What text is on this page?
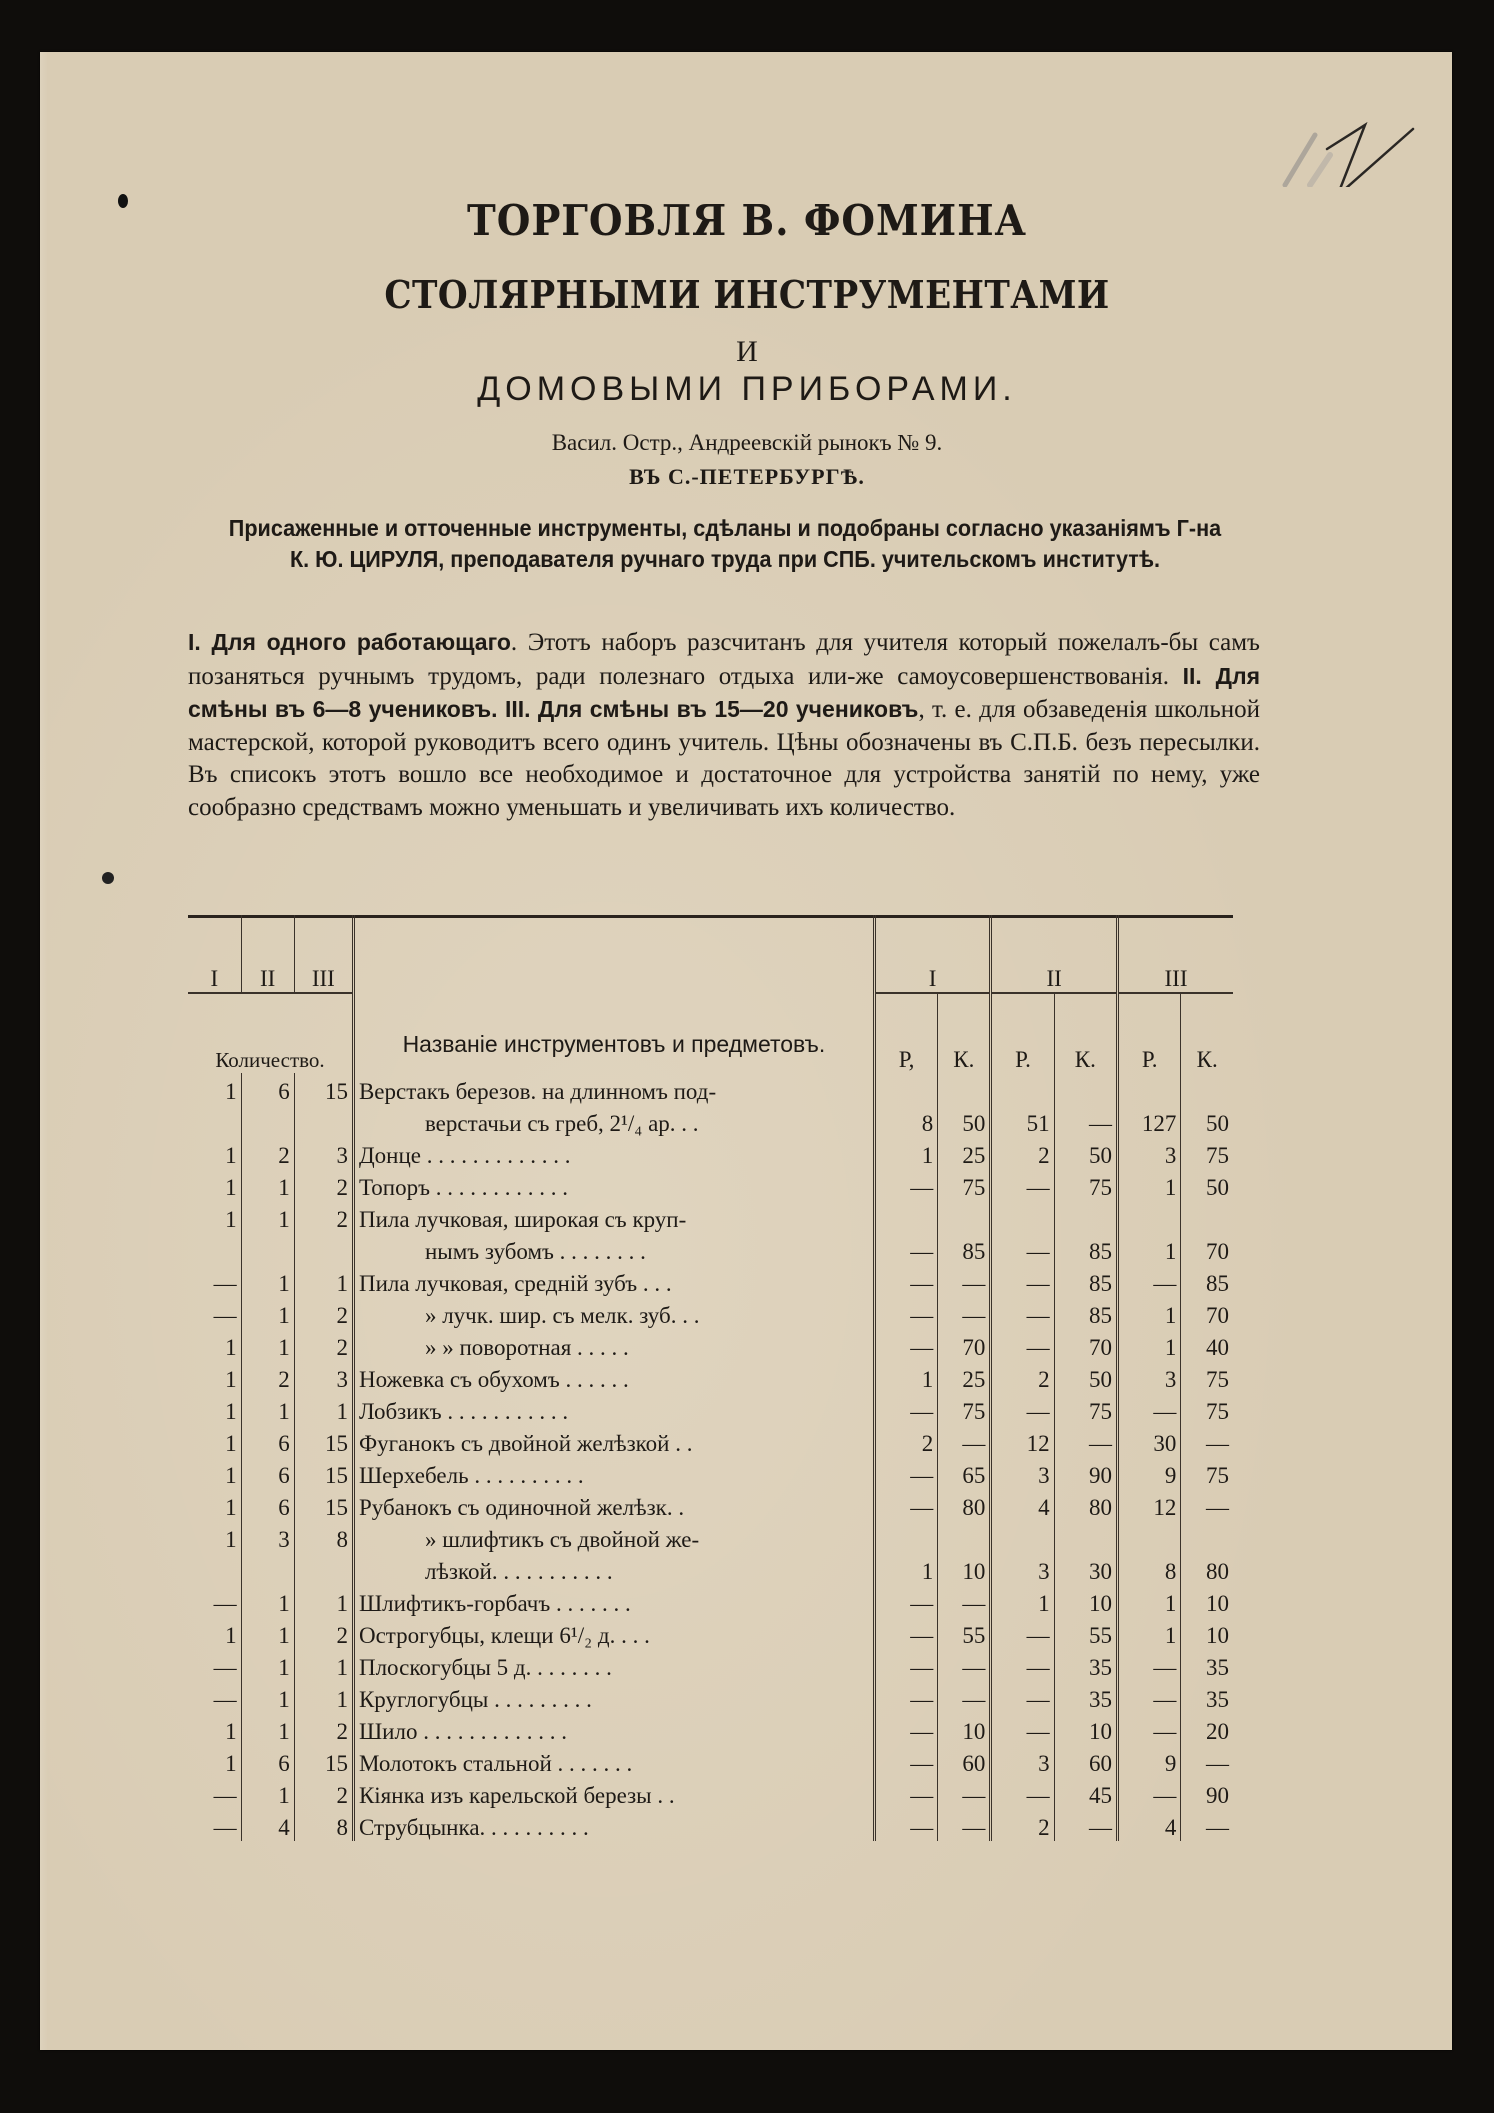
ТОРГОВЛЯ В. ФОМИНА
СТОЛЯРНЫМИ ИНСТРУМЕНТАМИ
И
ДОМОВЫМИ ПРИБОРАМИ.
Васил. Остр., Андреевскій рынокъ № 9.
ВЪ С.-ПЕТЕРБУРГѢ.
Присаженные и отточенные инструменты, сдѣланы и подобраны согласно указаніямъ Г-на К. Ю. ЦИРУЛЯ, преподавателя ручнаго труда при СПБ. учительскомъ институтѣ.
I. Для одного работающаго. Этотъ наборъ разсчитанъ для учителя который пожелалъ-бы самъ позаняться ручнымъ трудомъ, ради полезнаго отдыха или-же самоусовершенствованія. II. Для смѣны въ 6—8 учениковъ. III. Для смѣны въ 15—20 учениковъ, т. е. для обзаведенія школьной мастерской, которой руководитъ всего одинъ учитель. Цѣны обозначены въ С.П.Б. безъ пересылки. Въ списокъ этотъ вошло все необходимое и достаточное для устройства занятій по нему, уже сообразно средствамъ можно уменьшать и увеличивать ихъ количество.
I	II	III	Названіе инструментовъ и предметовъ.	I		II		III	
Количество.				Р,	К.	Р.	К.	Р.	К.
1	6	15	Верстакъ березов. на длинномъ под-						
			верстачьи съ греб, 2¹/₄ ар. . .	8	50	51	—	127	50
1	2	3	Донце . . . . . . . . . . . . .	1	25	2	50	3	75
1	1	2	Топоръ . . . . . . . . . . . .	—	75	—	75	1	50
1	1	2	Пила лучковая, широкая съ круп-						
			нымъ зубомъ . . . . . . . .	—	85	—	85	1	70
—	1	1	Пила лучковая, средній зубъ . . .	—	—	—	85	—	85
—	1	2	» лучк. шир. съ мелк. зуб. . .	—	—	—	85	1	70
1	1	2	» » поворотная . . . . .	—	70	—	70	1	40
1	2	3	Ножевка съ обухомъ . . . . . .	1	25	2	50	3	75
1	1	1	Лобзикъ . . . . . . . . . . .	—	75	—	75	—	75
1	6	15	Фуганокъ съ двойной желѣзкой . .	2	—	12	—	30	—
1	6	15	Шерхебель . . . . . . . . . .	—	65	3	90	9	75
1	6	15	Рубанокъ съ одиночной желѣзк. .	—	80	4	80	12	—
1	3	8	» шлифтикъ съ двойной же-						
			лѣзкой. . . . . . . . . . .	1	10	3	30	8	80
—	1	1	Шлифтикъ-горбачъ . . . . . . .	—	—	1	10	1	10
1	1	2	Острогубцы, клещи 6¹/₂ д. . . .	—	55	—	55	1	10
—	1	1	Плоскогубцы 5 д. . . . . . . .	—	—	—	35	—	35
—	1	1	Круглогубцы . . . . . . . . .	—	—	—	35	—	35
1	1	2	Шило . . . . . . . . . . . . .	—	10	—	10	—	20
1	6	15	Молотокъ стальной . . . . . . .	—	60	3	60	9	—
—	1	2	Кіянка изъ карельской березы . .	—	—	—	45	—	90
—	4	8	Струбцынка. . . . . . . . . .	—	—	2	—	4	—
